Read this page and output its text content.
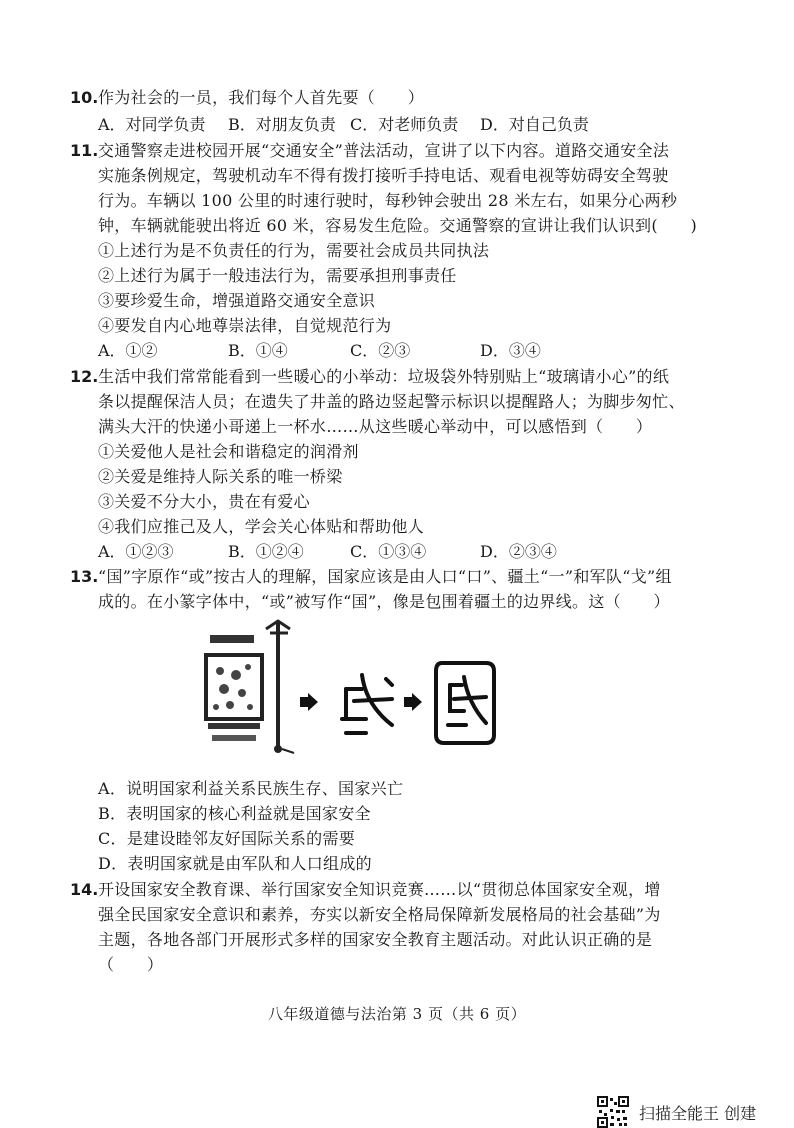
10. 作为社会的一员，我们每个人首先要（　　）
A．对同学负责 B．对朋友负责 C．对老师负责 D．对自己负责
11. 交通警察走进校园开展“交通安全”普法活动，宣讲了以下内容。道路交通安全法
实施条例规定，驾驶机动车不得有拨打接听手持电话、观看电视等妨碍安全驾驶
行为。车辆以 100 公里的时速行驶时，每秒钟会驶出 28 米左右，如果分心两秒
钟，车辆就能驶出将近 60 米，容易发生危险。交通警察的宣讲让我们认识到(　　)
①上述行为是不负责任的行为，需要社会成员共同执法
②上述行为属于一般违法行为，需要承担刑事责任
③要珍爱生命，增强道路交通安全意识
④要发自内心地尊崇法律，自觉规范行为
A．①②	B．①④	C．②③	D．③④
12. 生活中我们常常能看到一些暖心的小举动：垃圾袋外特别贴上“玻璃请小心”的纸
条以提醒保洁人员；在遗失了井盖的路边竖起警示标识以提醒路人；为脚步匆忙、
满头大汗的快递小哥递上一杯水……从这些暖心举动中，可以感悟到（　　）
①关爱他人是社会和谐稳定的润滑剂
②关爱是维持人际关系的唯一桥梁
③关爱不分大小，贵在有爱心
④我们应推己及人，学会关心体贴和帮助他人
A．①②③	B．①②④	C．①③④	D．②③④
13. “国”字原作“或”按古人的理解，国家应该是由人口“口”、疆土“一”和军队“戈”组
成的。在小篆字体中，“或”被写作“国”，像是包围着疆土的边界线。这（　　）
A．说明国家利益关系民族生存、国家兴亡
B．表明国家的核心利益就是国家安全
C．是建设睦邻友好国际关系的需要
D．表明国家就是由军队和人口组成的
14. 开设国家安全教育课、举行国家安全知识竞赛……以“贯彻总体国家安全观，增
强全民国家安全意识和素养，夯实以新安全格局保障新发展格局的社会基础”为
主题，各地各部门开展形式多样的国家安全教育主题活动。对此认识正确的是
（　　）
八年级道德与法治第 3 页（共 6 页）
扫描全能王 创建
